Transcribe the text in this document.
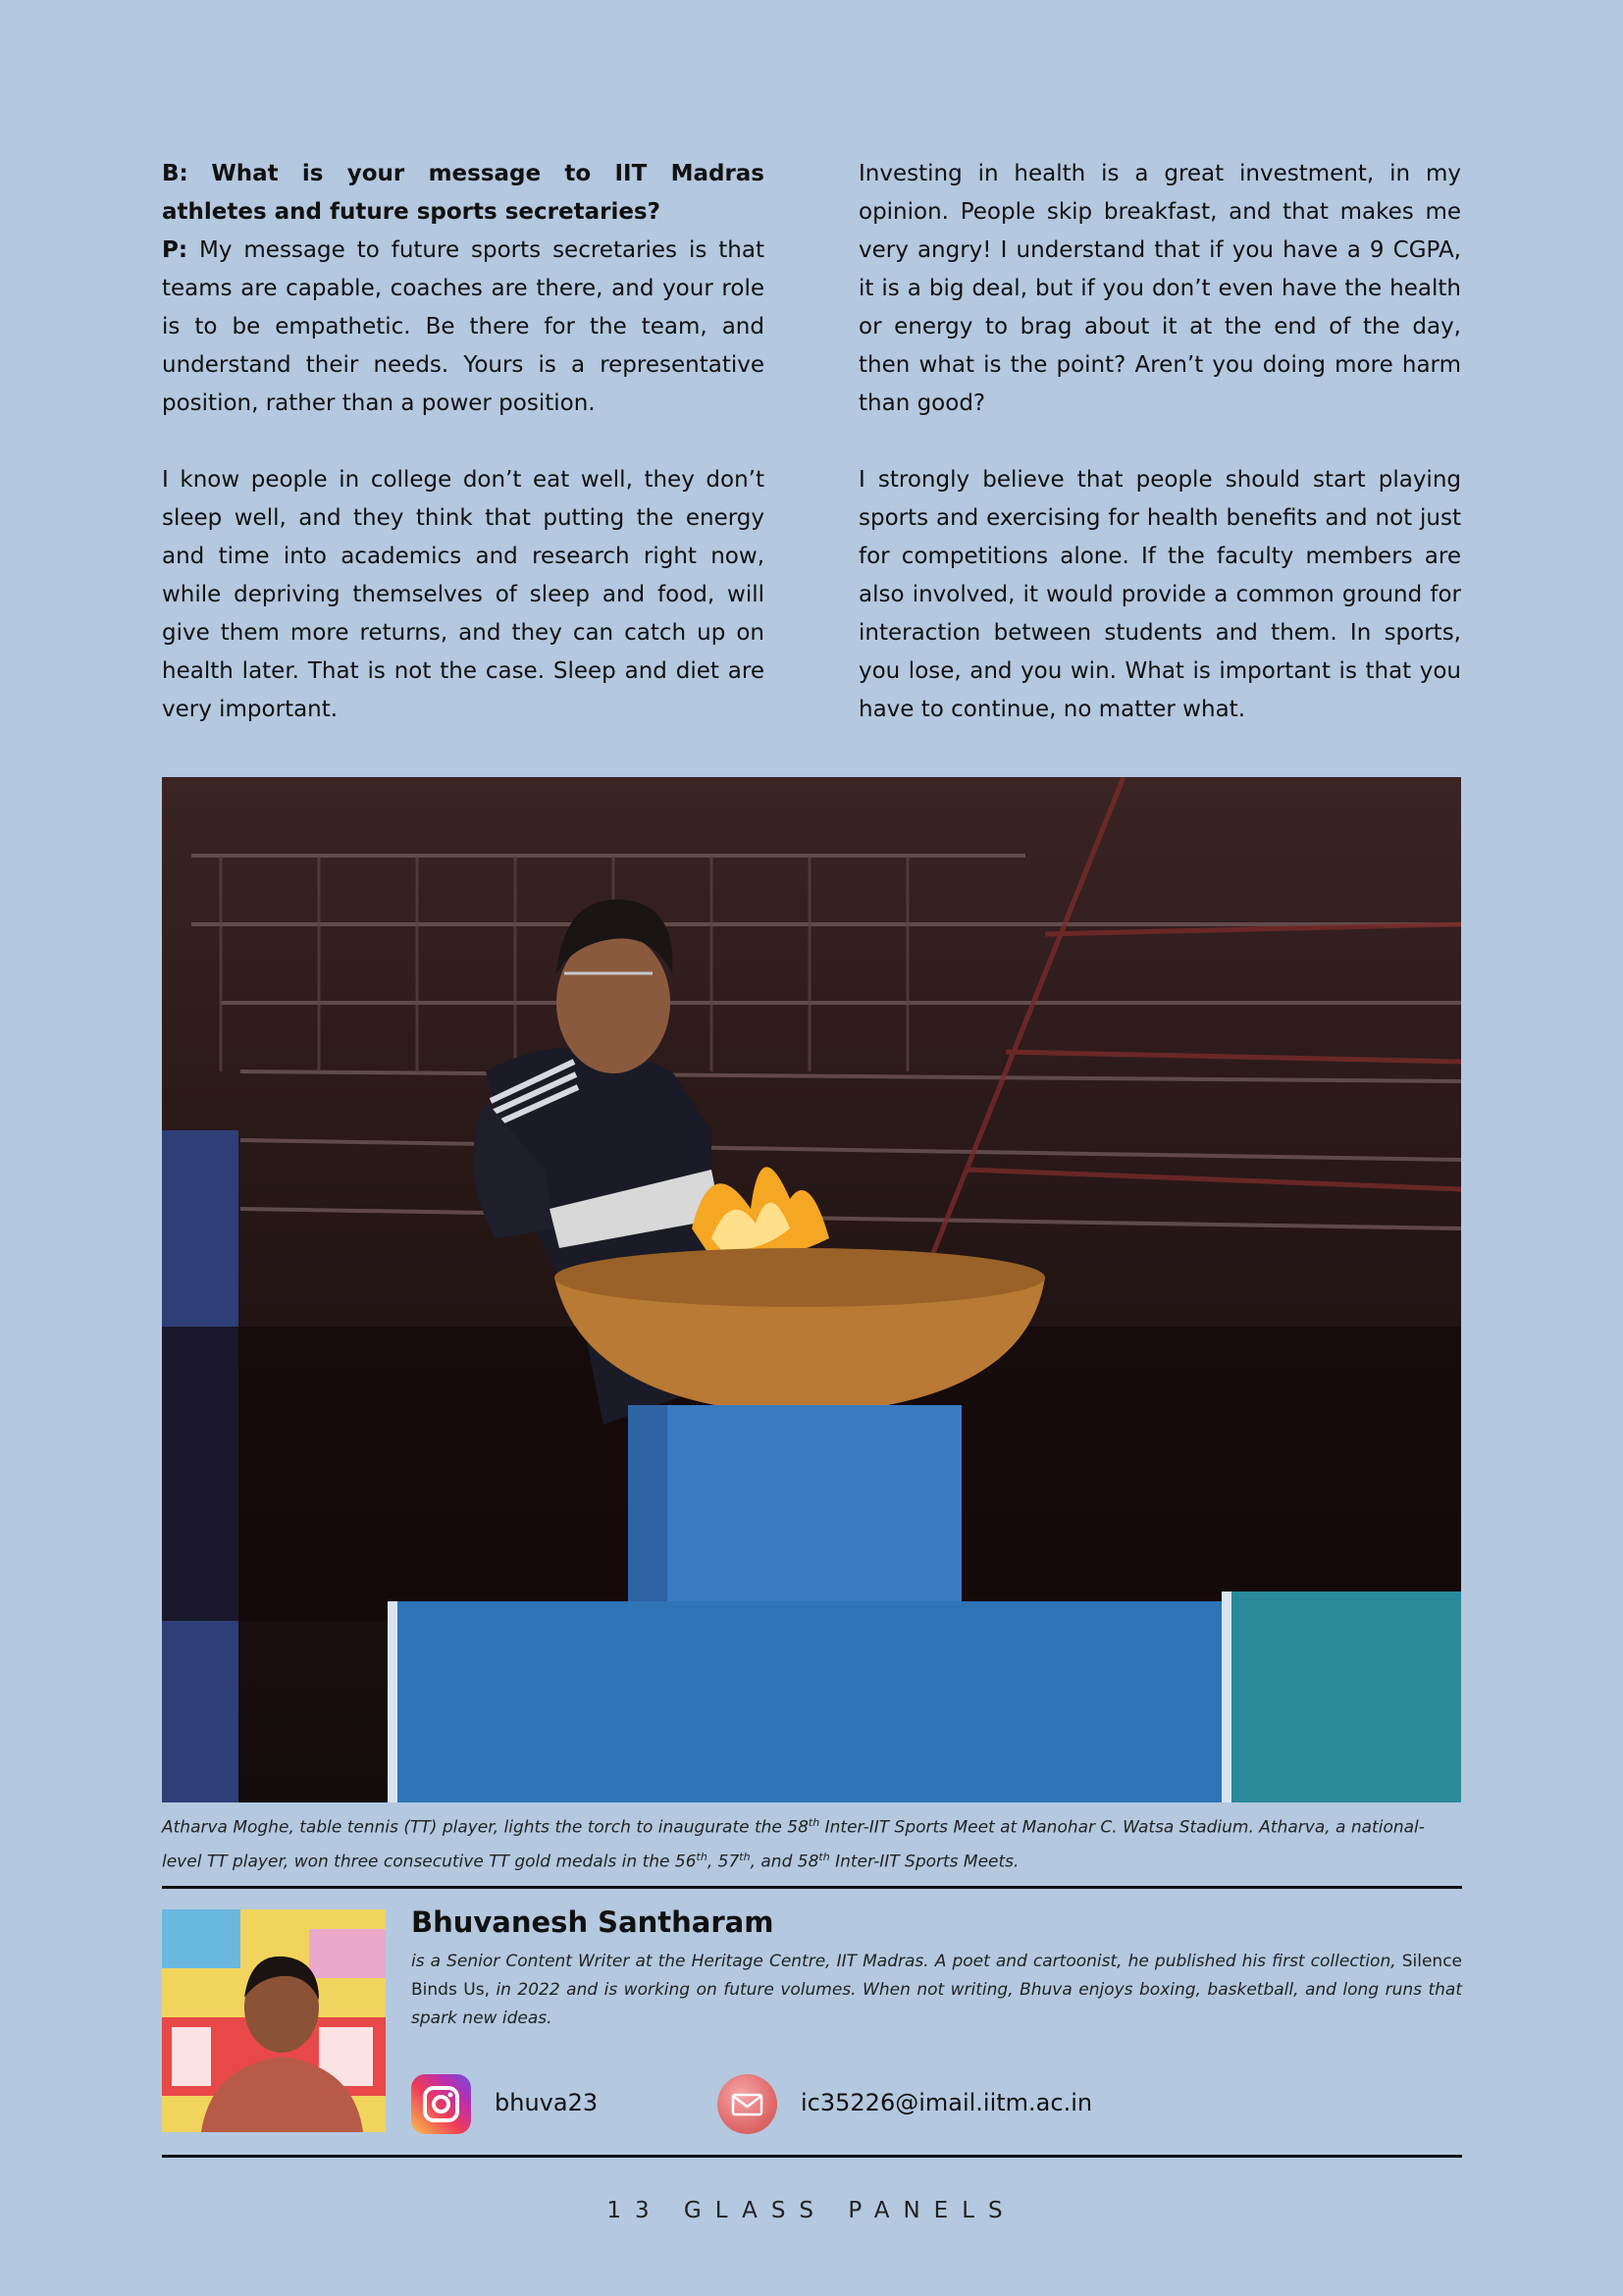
B: What is your message to IIT Madras athletes and future sports secretaries?

P: My message to future sports secretaries is that teams are capable, coaches are there, and your role is to be empathetic. Be there for the team, and understand their needs. Yours is a representative position, rather than a power position.

I know people in college don’t eat well, they don’t sleep well, and they think that putting the energy and time into academics and research right now, while depriving themselves of sleep and food, will give them more returns, and they can catch up on health later. That is not the case. Sleep and diet are very important.

Investing in health is a great investment, in my opinion. People skip breakfast, and that makes me very angry! I understand that if you have a 9 CGPA, it is a big deal, but if you don’t even have the health or energy to brag about it at the end of the day, then what is the point? Aren’t you doing more harm than good?

I strongly believe that people should start playing sports and exercising for health benefits and not just for competitions alone. If the faculty members are also involved, it would provide a common ground for interaction between students and them. In sports, you lose, and you win. What is important is that you have to continue, no matter what.

Atharva Moghe, table tennis (TT) player, lights the torch to inaugurate the 58th Inter-IIT Sports Meet at Manohar C. Watsa Stadium. Atharva, a national-level TT player, won three consecutive TT gold medals in the 56th, 57th, and 58th Inter-IIT Sports Meets.
Bhuvanesh Santharam
is a Senior Content Writer at the Heritage Centre, IIT Madras. A poet and cartoonist, he published his first collection, Silence Binds Us, in 2022 and is working on future volumes. When not writing, Bhuva enjoys boxing, basketball, and long runs that spark new ideas.
bhuva23	ic35226@imail.iitm.ac.in
13 GLASS PANELS
